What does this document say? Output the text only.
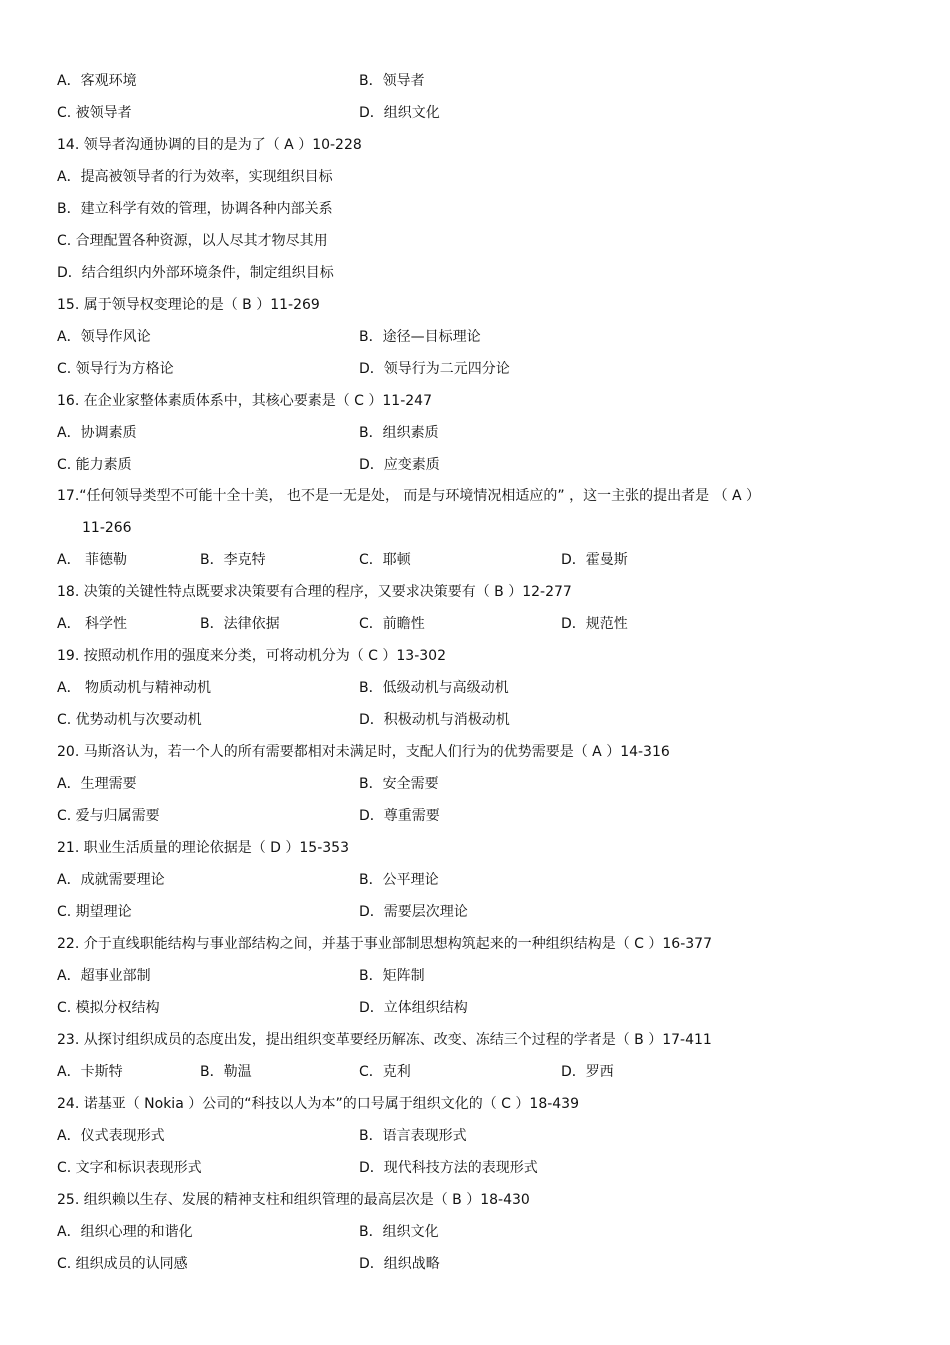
A．客观环境	B．领导者
C. 被领导者	D．组织文化
14. 领导者沟通协调的目的是为了（ A ）10-228
A．提高被领导者的行为效率，实现组织目标
B．建立科学有效的管理，协调各种内部关系
C. 合理配置各种资源，以人尽其才物尽其用
D．结合组织内外部环境条件，制定组织目标
15. 属于领导权变理论的是（ B ）11-269
A．领导作风论	B．途径—目标理论
C. 领导行为方格论	D．领导行为二元四分论
16. 在企业家整体素质体系中，其核心要素是（ C ）11-247
A．协调素质	B．组织素质
C. 能力素质	D．应变素质
17.“任何领导类型不可能十全十美， 也不是一无是处， 而是与环境情况相适应的” ，这一主张的提出者是 （ A ）
11-266
A． 菲德勒	B．李克特	C．耶顿	D．霍曼斯
18. 决策的关键性特点既要求决策要有合理的程序，又要求决策要有（ B ）12-277
A． 科学性	B．法律依据	C．前瞻性	D．规范性
19. 按照动机作用的强度来分类，可将动机分为（ C ）13-302
A． 物质动机与精神动机	B．低级动机与高级动机
C. 优势动机与次要动机	D．积极动机与消极动机
20. 马斯洛认为，若一个人的所有需要都相对未满足时，支配人们行为的优势需要是（ A ）14-316
A．生理需要	B．安全需要
C. 爱与归属需要	D．尊重需要
21. 职业生活质量的理论依据是（ D ）15-353
A．成就需要理论	B．公平理论
C. 期望理论	D．需要层次理论
22. 介于直线职能结构与事业部结构之间，并基于事业部制思想构筑起来的一种组织结构是（ C ）16-377
A．超事业部制	B．矩阵制
C. 模拟分权结构	D．立体组织结构
23. 从探讨组织成员的态度出发，提出组织变革要经历解冻、改变、冻结三个过程的学者是（ B ）17-411
A．卡斯特	B．勒温	C．克利	D．罗西
24. 诺基亚（ Nokia ）公司的“科技以人为本”的口号属于组织文化的（ C ）18-439
A．仪式表现形式	B．语言表现形式
C. 文字和标识表现形式	D．现代科技方法的表现形式
25. 组织赖以生存、发展的精神支柱和组织管理的最高层次是（ B ）18-430
A．组织心理的和谐化	B．组织文化
C. 组织成员的认同感	D．组织战略
